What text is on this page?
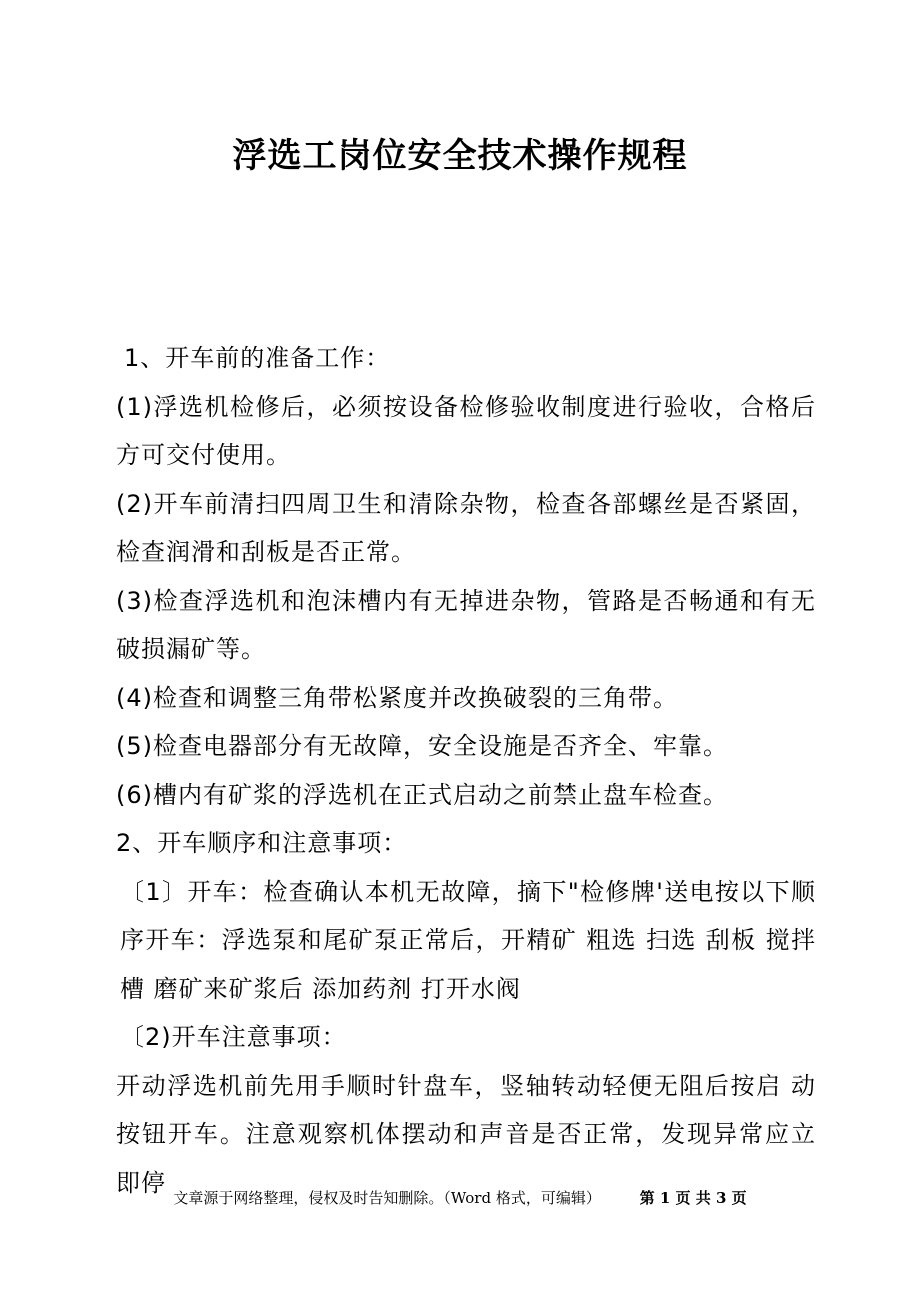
浮选工岗位安全技术操作规程

1、开车前的准备工作：

(1)浮选机检修后，必须按设备检修验收制度进行验收，合格后方可交付使用。

(2)开车前清扫四周卫生和清除杂物，检查各部螺丝是否紧固，检查润滑和刮板是否正常。

(3)检查浮选机和泡沫槽内有无掉进杂物，管路是否畅通和有无破损漏矿等。

(4)检查和调整三角带松紧度并改换破裂的三角带。

(5)检查电器部分有无故障，安全设施是否齐全、牢靠。

(6)槽内有矿浆的浮选机在正式启动之前禁止盘车检查。

2、开车顺序和注意事项：

〔1〕开车：检查确认本机无故障，摘下"检修牌'送电按以下顺序开车：浮选泵和尾矿泵正常后，开精矿 粗选 扫选 刮板 搅拌槽 磨矿来矿浆后 添加药剂 打开水阀

〔2)开车注意事项：

开动浮选机前先用手顺时针盘车，竖轴转动轻便无阻后按启 动按钮开车。注意观察机体摆动和声音是否正常，发现异常应立 即停

文章源于网络整理，侵权及时告知删除。（Word 格式，可编辑）	第 1 页 共 3 页
